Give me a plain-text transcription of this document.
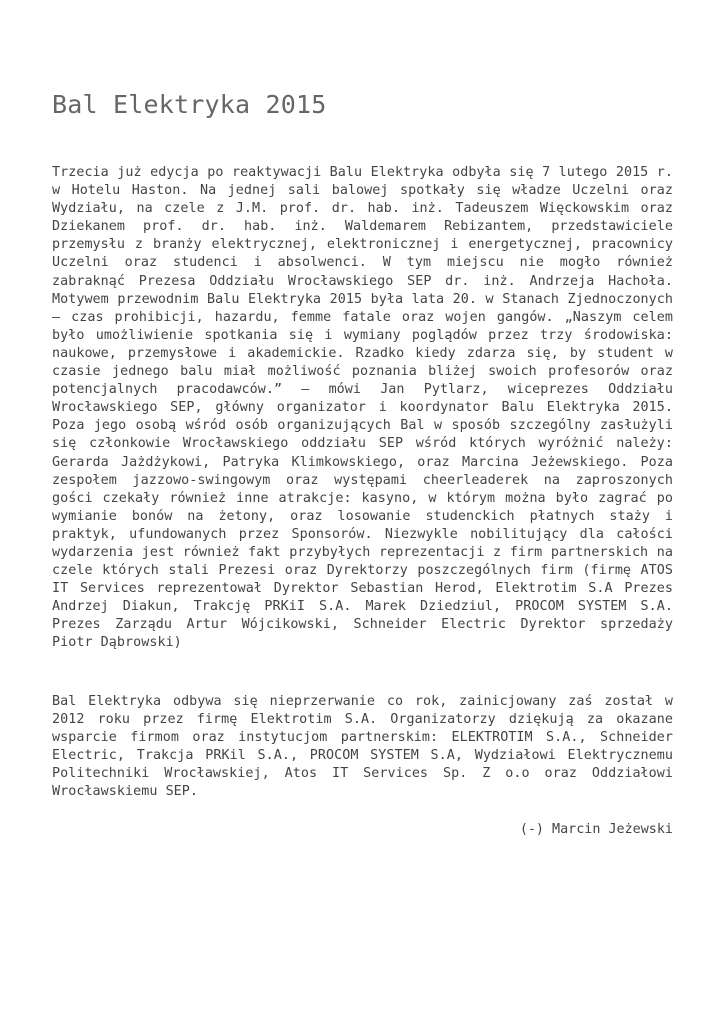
Bal Elektryka 2015

Trzecia już edycja po reaktywacji Balu Elektryka odbyła się 7 lutego 2015 r. w Hotelu Haston. Na jednej sali balowej spotkały się władze Uczelni oraz Wydziału, na czele z J.M. prof. dr. hab. inż. Tadeuszem Więckowskim oraz Dziekanem prof. dr. hab. inż. Waldemarem Rebizantem, przedstawiciele przemysłu z branży elektrycznej, elektronicznej i energetycznej, pracownicy Uczelni oraz studenci i absolwenci. W tym miejscu nie mogło również zabraknąć Prezesa Oddziału Wrocławskiego SEP dr. inż. Andrzeja Hachoła. Motywem przewodnim Balu Elektryka 2015 była lata 20. w Stanach Zjednoczonych – czas prohibicji, hazardu, femme fatale oraz wojen gangów. „Naszym celem było umożliwienie spotkania się i wymiany poglądów przez trzy środowiska: naukowe, przemysłowe i akademickie. Rzadko kiedy zdarza się, by student w czasie jednego balu miał możliwość poznania bliżej swoich profesorów oraz potencjalnych pracodawców.” – mówi Jan Pytlarz, wiceprezes Oddziału Wrocławskiego SEP, główny organizator i koordynator Balu Elektryka 2015. Poza jego osobą wśród osób organizujących Bal w sposób szczególny zasłużyli się członkowie Wrocławskiego oddziału SEP wśród których wyróżnić należy: Gerarda Jażdżykowi, Patryka Klimkowskiego, oraz Marcina Jeżewskiego. Poza zespołem jazzowo-swingowym oraz występami cheerleaderek na zaproszonych gości czekały również inne atrakcje: kasyno, w którym można było zagrać po wymianie bonów na żetony, oraz losowanie studenckich płatnych staży i praktyk, ufundowanych przez Sponsorów. Niezwykle nobilitujący dla całości wydarzenia jest również fakt przybyłych reprezentacji z firm partnerskich na czele których stali Prezesi oraz Dyrektorzy poszczególnych firm (firmę ATOS IT Services reprezentował Dyrektor Sebastian Herod, Elektrotim S.A Prezes Andrzej Diakun, Trakcję PRKiI S.A. Marek Dziedziul, PROCOM SYSTEM S.A. Prezes Zarządu Artur Wójcikowski, Schneider Electric Dyrektor sprzedaży Piotr Dąbrowski)

Bal Elektryka odbywa się nieprzerwanie co rok, zainicjowany zaś został w 2012 roku przez firmę Elektrotim S.A. Organizatorzy dziękują za okazane wsparcie firmom oraz instytucjom partnerskim: ELEKTROTIM S.A., Schneider Electric, Trakcja PRKil S.A., PROCOM SYSTEM S.A, Wydziałowi Elektrycznemu Politechniki Wrocławskiej, Atos IT Services Sp. Z o.o oraz Oddziałowi Wrocławskiemu SEP.

(-) Marcin Jeżewski
